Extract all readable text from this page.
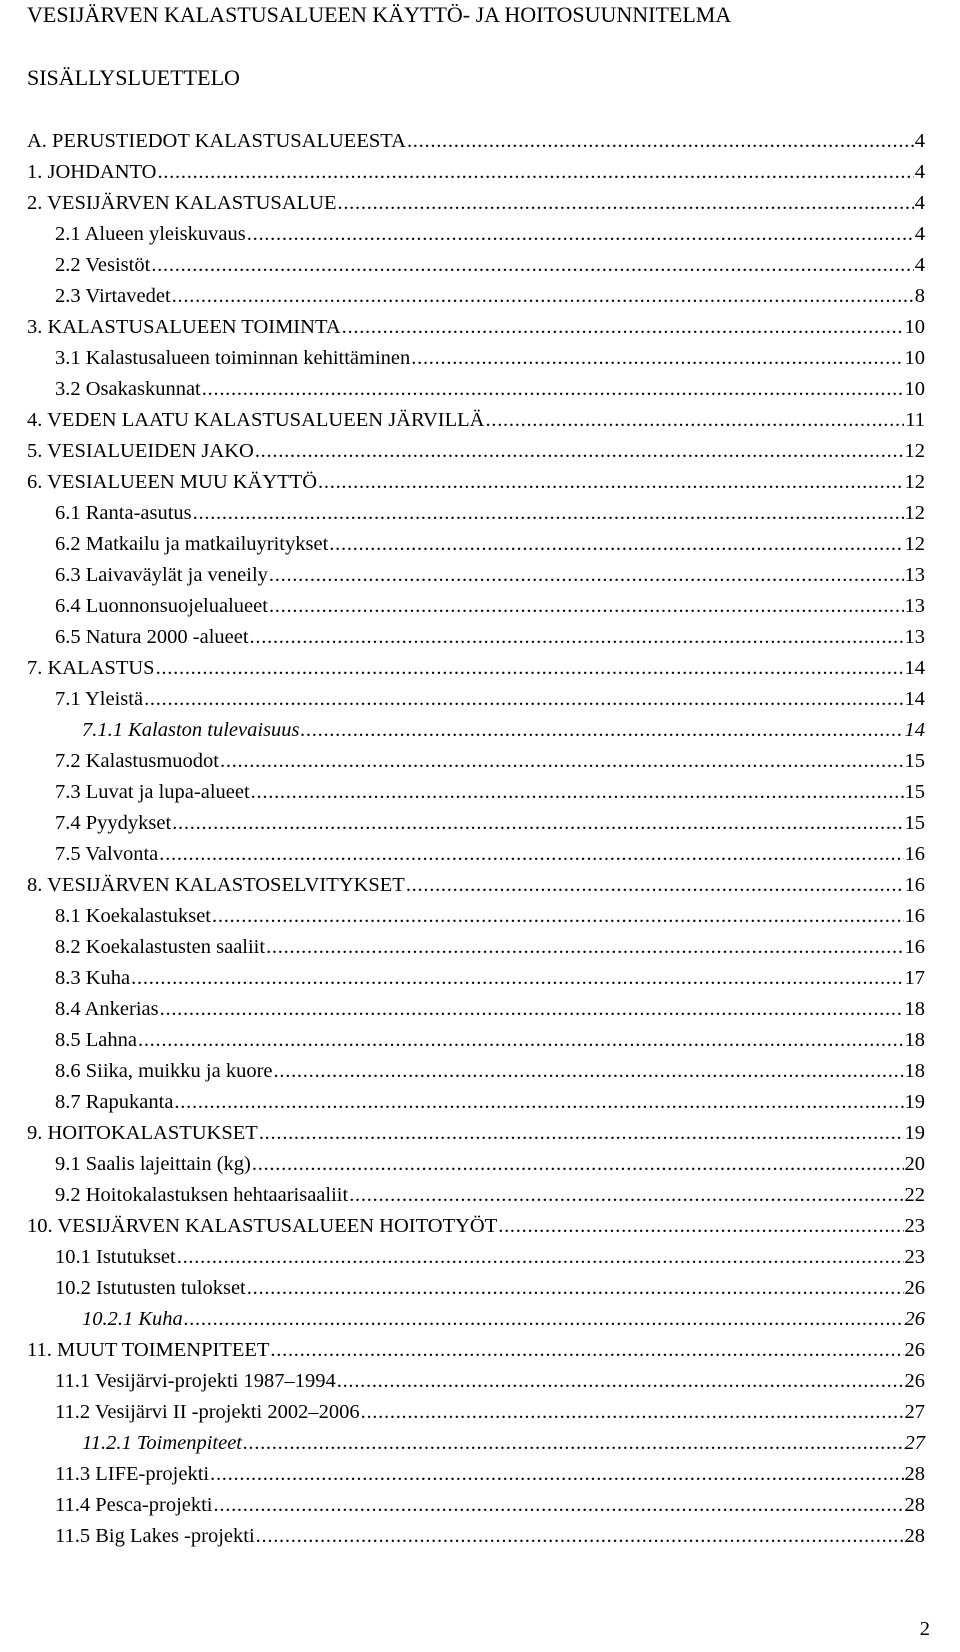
VESIJÄRVEN KALASTUSALUEEN KÄYTTÖ- JA HOITOSUUNNITELMA
SISÄLLYSLUETTELO
A. PERUSTIEDOT KALASTUSALUEESTA . . .	4
1. JOHDANTO . . .	4
2. VESIJÄRVEN KALASTUSALUE . . .	4
2.1 Alueen yleiskuvaus . . .	4
2.2 Vesistöt . . .	4
2.3 Virtavedet . . .	8
3. KALASTUSALUEEN TOIMINTA . . .	10
3.1 Kalastusalueen toiminnan kehittäminen . . .	10
3.2 Osakaskunnat . . .	10
4. VEDEN LAATU KALASTUSALUEEN JÄRVILLÄ . . .	11
5. VESIALUEIDEN JAKO . . .	12
6. VESIALUEEN MUU KÄYTTÖ . . .	12
6.1 Ranta-asutus . . .	12
6.2 Matkailu ja matkailuyritykset . . .	12
6.3 Laivaväylät ja veneily . . .	13
6.4 Luonnonsuojelualueet . . .	13
6.5 Natura 2000 -alueet . . .	13
7. KALASTUS . . .	14
7.1 Yleistä . . .	14
7.1.1 Kalaston tulevaisuus . . .	14
7.2 Kalastusmuodot . . .	15
7.3 Luvat ja lupa-alueet . . .	15
7.4 Pyydykset . . .	15
7.5 Valvonta . . .	16
8. VESIJÄRVEN KALASTOSELVITYKSET . . .	16
8.1 Koekalastukset . . .	16
8.2 Koekalastusten saaliit . . .	16
8.3 Kuha . . .	17
8.4 Ankerias . . .	18
8.5 Lahna . . .	18
8.6 Siika, muikku ja kuore . . .	18
8.7 Rapukanta . . .	19
9. HOITOKALASTUKSET . . .	19
9.1 Saalis lajeittain (kg) . . .	20
9.2 Hoitokalastuksen hehtaarisaaliit . . .	22
10. VESIJÄRVEN KALASTUSALUEEN HOITOTYÖT . . .	23
10.1 Istutukset . . .	23
10.2 Istutusten tulokset . . .	26
10.2.1 Kuha . . .	26
11. MUUT TOIMENPITEET . . .	26
11.1 Vesijärvi-projekti 1987–1994 . . .	26
11.2 Vesijärvi II -projekti 2002–2006 . . .	27
11.2.1 Toimenpiteet . . .	27
11.3 LIFE-projekti . . .	28
11.4 Pesca-projekti . . .	28
11.5 Big Lakes -projekti . . .	28
2
